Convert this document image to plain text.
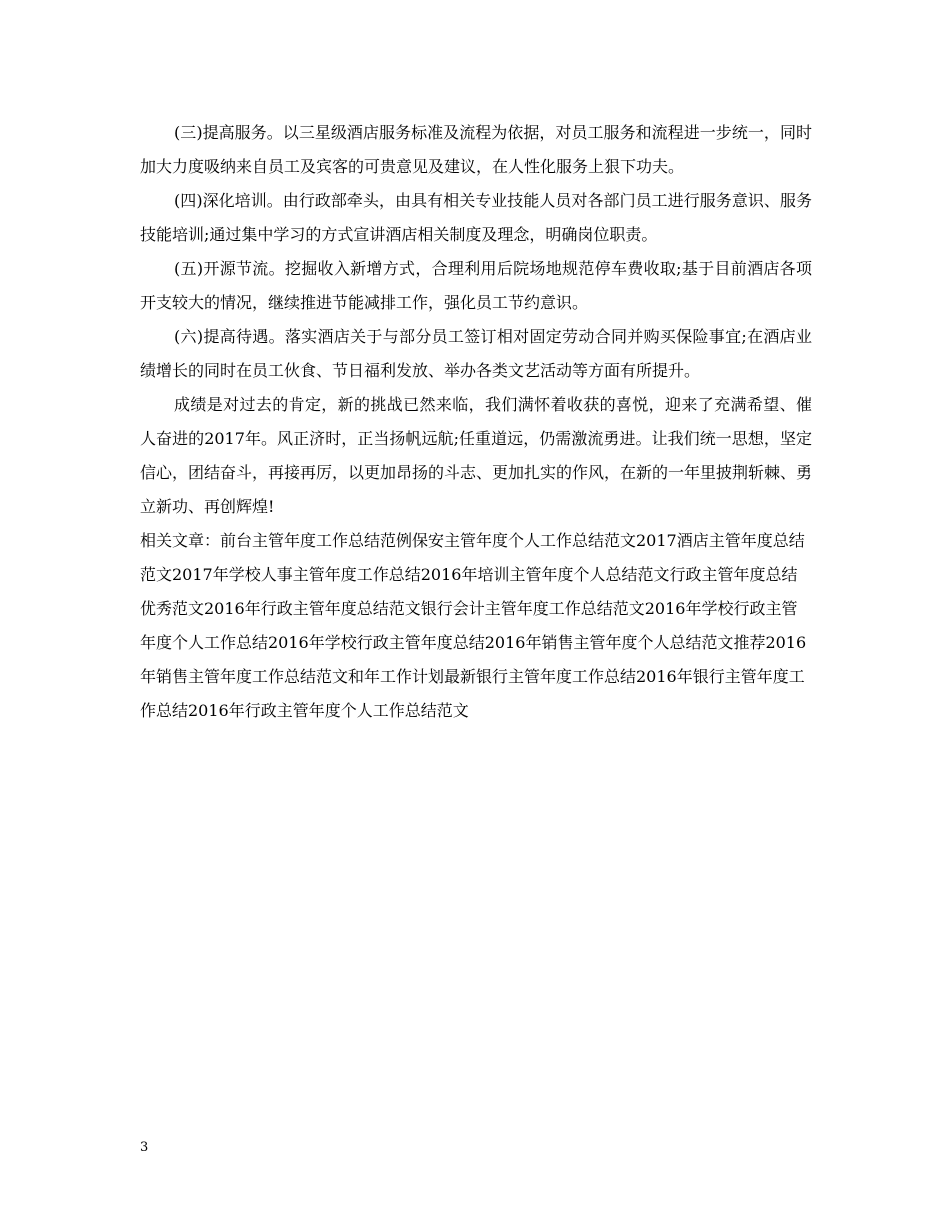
(三)提高服务。以三星级酒店服务标准及流程为依据，对员工服务和流程进一步统一，同时加大力度吸纳来自员工及宾客的可贵意见及建议，在人性化服务上狠下功夫。

(四)深化培训。由行政部牵头，由具有相关专业技能人员对各部门员工进行服务意识、服务技能培训;通过集中学习的方式宣讲酒店相关制度及理念，明确岗位职责。

(五)开源节流。挖掘收入新增方式，合理利用后院场地规范停车费收取;基于目前酒店各项开支较大的情况，继续推进节能减排工作，强化员工节约意识。

(六)提高待遇。落实酒店关于与部分员工签订相对固定劳动合同并购买保险事宜;在酒店业绩增长的同时在员工伙食、节日福利发放、举办各类文艺活动等方面有所提升。

成绩是对过去的肯定，新的挑战已然来临，我们满怀着收获的喜悦，迎来了充满希望、催人奋进的2017年。风正济时，正当扬帆远航;任重道远，仍需激流勇进。让我们统一思想，坚定信心，团结奋斗，再接再厉，以更加昂扬的斗志、更加扎实的作风，在新的一年里披荆斩棘、勇立新功、再创辉煌!

相关文章：前台主管年度工作总结范例保安主管年度个人工作总结范文2017酒店主管年度总结范文2017年学校人事主管年度工作总结2016年培训主管年度个人总结范文行政主管年度总结优秀范文2016年行政主管年度总结范文银行会计主管年度工作总结范文2016年学校行政主管年度个人工作总结2016年学校行政主管年度总结2016年销售主管年度个人总结范文推荐2016年销售主管年度工作总结范文和年工作计划最新银行主管年度工作总结2016年银行主管年度工作总结2016年行政主管年度个人工作总结范文

3
